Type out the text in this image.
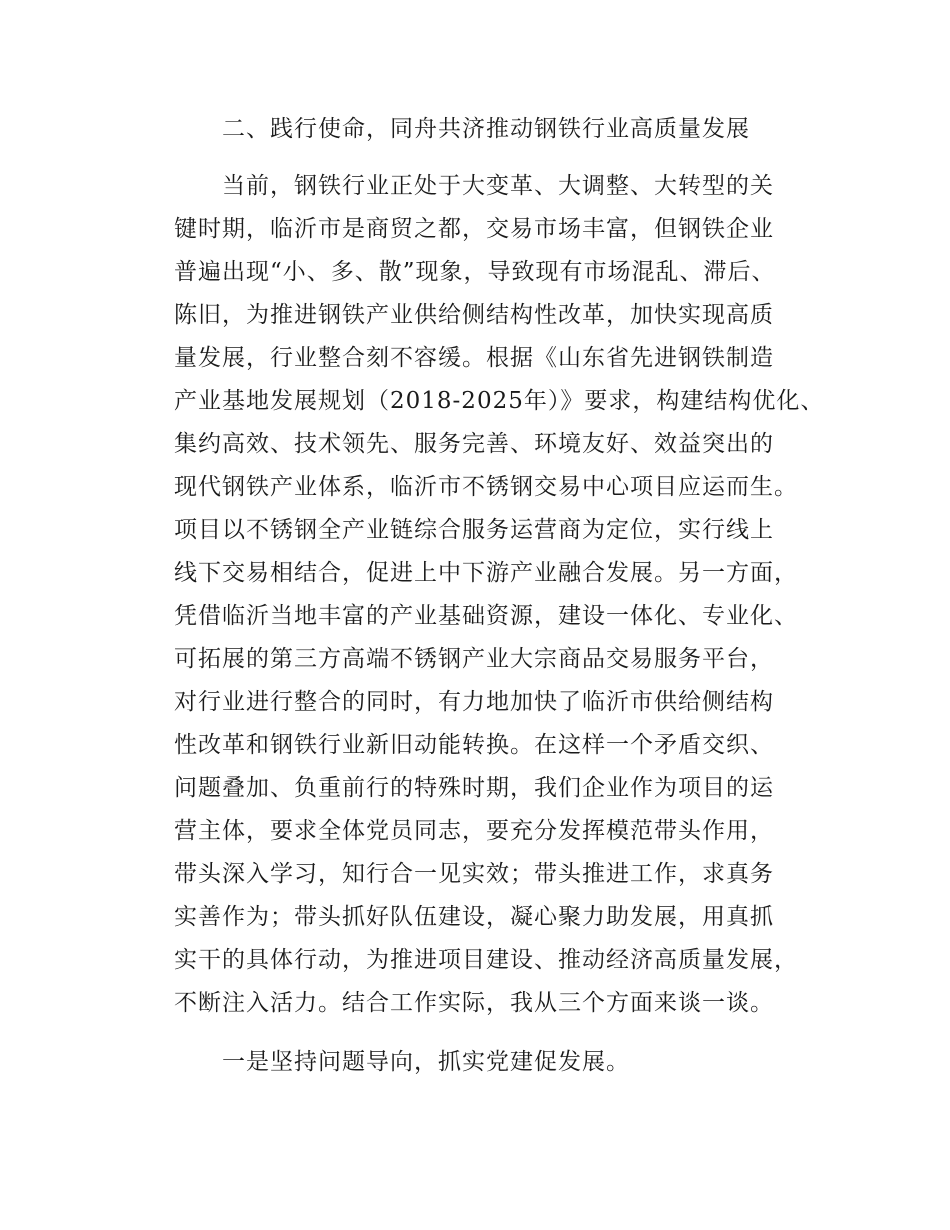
二、践行使命，同舟共济推动钢铁行业高质量发展
当前，钢铁行业正处于大变革、大调整、大转型的关
键时期，临沂市是商贸之都，交易市场丰富，但钢铁企业
普遍出现“小、多、散”现象，导致现有市场混乱、滞后、
陈旧，为推进钢铁产业供给侧结构性改革，加快实现高质
量发展，行业整合刻不容缓。根据《山东省先进钢铁制造
产业基地发展规划（2018-2025年）》要求，构建结构优化、
集约高效、技术领先、服务完善、环境友好、效益突出的
现代钢铁产业体系，临沂市不锈钢交易中心项目应运而生。
项目以不锈钢全产业链综合服务运营商为定位，实行线上
线下交易相结合，促进上中下游产业融合发展。另一方面，
凭借临沂当地丰富的产业基础资源，建设一体化、专业化、
可拓展的第三方高端不锈钢产业大宗商品交易服务平台，
对行业进行整合的同时，有力地加快了临沂市供给侧结构
性改革和钢铁行业新旧动能转换。在这样一个矛盾交织、
问题叠加、负重前行的特殊时期，我们企业作为项目的运
营主体，要求全体党员同志，要充分发挥模范带头作用，
带头深入学习，知行合一见实效；带头推进工作，求真务
实善作为；带头抓好队伍建设，凝心聚力助发展，用真抓
实干的具体行动，为推进项目建设、推动经济高质量发展，
不断注入活力。结合工作实际，我从三个方面来谈一谈。
一是坚持问题导向，抓实党建促发展。
